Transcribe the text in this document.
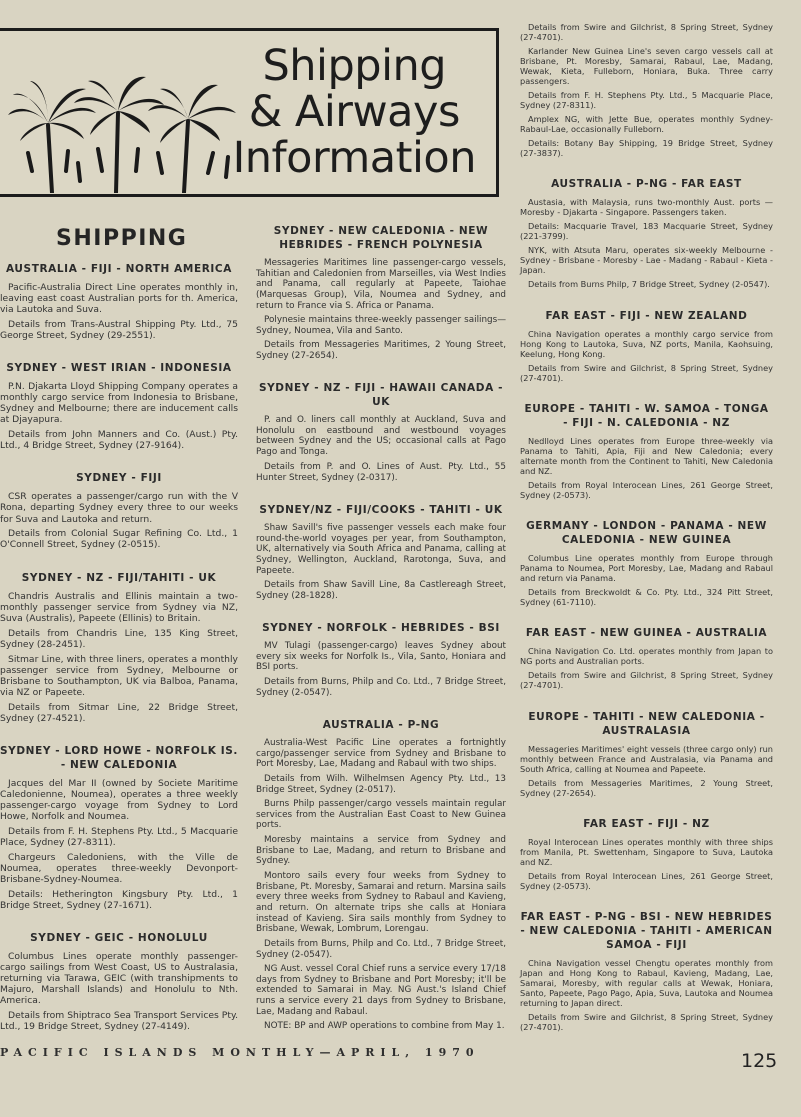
Shipping
& Airways
Information
SHIPPING
AUSTRALIA - FIJI - NORTH AMERICA
Pacific-Australia Direct Line operates monthly in, leaving east coast Australian ports for th. America, via Lautoka and Suva.
Details from Trans-Austral Shipping Pty. Ltd., 75 George Street, Sydney (29-2551).
SYDNEY - WEST IRIAN - INDONESIA
P.N. Djakarta Lloyd Shipping Company operates a monthly cargo service from Indonesia to Brisbane, Sydney and Melbourne; there are inducement calls at Djayapura.
Details from John Manners and Co. (Aust.) Pty. Ltd., 4 Bridge Street, Sydney (27-9164).
SYDNEY - FIJI
CSR operates a passenger/cargo run with the V Rona, departing Sydney every three to our weeks for Suva and Lautoka and return.
Details from Colonial Sugar Refining Co. Ltd., 1 O'Connell Street, Sydney (2-0515).
SYDNEY - NZ - FIJI/TAHITI - UK
Chandris Australis and Ellinis maintain a two-monthly passenger service from Sydney via NZ, Suva (Australis), Papeete (Ellinis) to Britain.
Details from Chandris Line, 135 King Street, Sydney (28-2451).
Sitmar Line, with three liners, operates a monthly passenger service from Sydney, Melbourne or Brisbane to Southampton, UK via Balboa, Panama, via NZ or Papeete.
Details from Sitmar Line, 22 Bridge Street, Sydney (27-4521).
SYDNEY - LORD HOWE - NORFOLK IS. - NEW CALEDONIA
Jacques del Mar II (owned by Societe Maritime Caledonienne, Noumea), operates a three weekly passenger-cargo voyage from Sydney to Lord Howe, Norfolk and Noumea.
Details from F. H. Stephens Pty. Ltd., 5 Macquarie Place, Sydney (27-8311).
Chargeurs Caledoniens, with the Ville de Noumea, operates three-weekly Devonport-Brisbane-Sydney-Noumea.
Details: Hetherington Kingsbury Pty. Ltd., 1 Bridge Street, Sydney (27-1671).
SYDNEY - GEIC - HONOLULU
Columbus Lines operate monthly passenger-cargo sailings from West Coast, US to Australasia, returning via Tarawa, GEIC (with transhipments to Majuro, Marshall Islands) and Honolulu to Nth. America.
Details from Shiptraco Sea Transport Services Pty. Ltd., 19 Bridge Street, Sydney (27-4149).
SYDNEY - NEW CALEDONIA - NEW HEBRIDES - FRENCH POLYNESIA
Messageries Maritimes line passenger-cargo vessels, Tahitian and Caledonien from Marseilles, via West Indies and Panama, call regularly at Papeete, Taiohae (Marquesas Group), Vila, Noumea and Sydney, and return to France via S. Africa or Panama.
Polynesie maintains three-weekly passenger sailings—Sydney, Noumea, Vila and Santo.
Details from Messageries Maritimes, 2 Young Street, Sydney (27-2654).
SYDNEY - NZ - FIJI - HAWAII CANADA - UK
P. and O. liners call monthly at Auckland, Suva and Honolulu on eastbound and westbound voyages between Sydney and the US; occasional calls at Pago Pago and Tonga.
Details from P. and O. Lines of Aust. Pty. Ltd., 55 Hunter Street, Sydney (2-0317).
SYDNEY/NZ - FIJI/COOKS - TAHITI - UK
Shaw Savill's five passenger vessels each make four round-the-world voyages per year, from Southampton, UK, alternatively via South Africa and Panama, calling at Sydney, Wellington, Auckland, Rarotonga, Suva, and Papeete.
Details from Shaw Savill Line, 8a Castlereagh Street, Sydney (28-1828).
SYDNEY - NORFOLK - HEBRIDES - BSI
MV Tulagi (passenger-cargo) leaves Sydney about every six weeks for Norfolk Is., Vila, Santo, Honiara and BSI ports.
Details from Burns, Philp and Co. Ltd., 7 Bridge Street, Sydney (2-0547).
AUSTRALIA - P-NG
Australia-West Pacific Line operates a fortnightly cargo/passenger service from Sydney and Brisbane to Port Moresby, Lae, Madang and Rabaul with two ships.
Details from Wilh. Wilhelmsen Agency Pty. Ltd., 13 Bridge Street, Sydney (2-0517).
Burns Philp passenger/cargo vessels maintain regular services from the Australian East Coast to New Guinea ports.
Moresby maintains a service from Sydney and Brisbane to Lae, Madang, and return to Brisbane and Sydney.
Montoro sails every four weeks from Sydney to Brisbane, Pt. Moresby, Samarai and return. Marsina sails every three weeks from Sydney to Rabaul and Kavieng, and return. On alternate trips she calls at Honiara instead of Kavieng. Sira sails monthly from Sydney to Brisbane, Wewak, Lombrum, Lorengau.
Details from Burns, Philp and Co. Ltd., 7 Bridge Street, Sydney (2-0547).
NG Aust. vessel Coral Chief runs a service every 17/18 days from Sydney to Brisbane and Port Moresby; it'll be extended to Samarai in May. NG Aust.'s Island Chief runs a service every 21 days from Sydney to Brisbane, Lae, Madang and Rabaul.
NOTE: BP and AWP operations to combine from May 1.
Details from Swire and Gilchrist, 8 Spring Street, Sydney (27-4701).
Karlander New Guinea Line's seven cargo vessels call at Brisbane, Pt. Moresby, Samarai, Rabaul, Lae, Madang, Wewak, Kieta, Fulleborn, Honiara, Buka. Three carry passengers.
Details from F. H. Stephens Pty. Ltd., 5 Macquarie Place, Sydney (27-8311).
Amplex NG, with Jette Bue, operates monthly Sydney-Rabaul-Lae, occasionally Fulleborn.
Details: Botany Bay Shipping, 19 Bridge Street, Sydney (27-3837).
AUSTRALIA - P-NG - FAR EAST
Austasia, with Malaysia, runs two-monthly Aust. ports — Moresby - Djakarta - Singapore. Passengers taken.
Details: Macquarie Travel, 183 Macquarie Street, Sydney (221-3799).
NYK, with Atsuta Maru, operates six-weekly Melbourne - Sydney - Brisbane - Moresby - Lae - Madang - Rabaul - Kieta - Japan.
Details from Burns Philp, 7 Bridge Street, Sydney (2-0547).
FAR EAST - FIJI - NEW ZEALAND
China Navigation operates a monthly cargo service from Hong Kong to Lautoka, Suva, NZ ports, Manila, Kaohsuing, Keelung, Hong Kong.
Details from Swire and Gilchrist, 8 Spring Street, Sydney (27-4701).
EUROPE - TAHITI - W. SAMOA - TONGA - FIJI - N. CALEDONIA - NZ
Nedlloyd Lines operates from Europe three-weekly via Panama to Tahiti, Apia, Fiji and New Caledonia; every alternate month from the Continent to Tahiti, New Caledonia and NZ.
Details from Royal Interocean Lines, 261 George Street, Sydney (2-0573).
GERMANY - LONDON - PANAMA - NEW CALEDONIA - NEW GUINEA
Columbus Line operates monthly from Europe through Panama to Noumea, Port Moresby, Lae, Madang and Rabaul and return via Panama.
Details from Breckwoldt & Co. Pty. Ltd., 324 Pitt Street, Sydney (61-7110).
FAR EAST - NEW GUINEA - AUSTRALIA
China Navigation Co. Ltd. operates monthly from Japan to NG ports and Australian ports.
Details from Swire and Gilchrist, 8 Spring Street, Sydney (27-4701).
EUROPE - TAHITI - NEW CALEDONIA - AUSTRALASIA
Messageries Maritimes' eight vessels (three cargo only) run monthly between France and Australasia, via Panama and South Africa, calling at Noumea and Papeete.
Details from Messageries Maritimes, 2 Young Street, Sydney (27-2654).
FAR EAST - FIJI - NZ
Royal Interocean Lines operates monthly with three ships from Manila, Pt. Swettenham, Singapore to Suva, Lautoka and NZ.
Details from Royal Interocean Lines, 261 George Street, Sydney (2-0573).
FAR EAST - P-NG - BSI - NEW HEBRIDES - NEW CALEDONIA - TAHITI - AMERICAN SAMOA - FIJI
China Navigation vessel Chengtu operates monthly from Japan and Hong Kong to Rabaul, Kavieng, Madang, Lae, Samarai, Moresby, with regular calls at Wewak, Honiara, Santo, Papeete, Pago Pago, Apia, Suva, Lautoka and Noumea returning to Japan direct.
Details from Swire and Gilchrist, 8 Spring Street, Sydney (27-4701).
PACIFIC ISLANDS MONTHLY—APRIL, 1970	125
